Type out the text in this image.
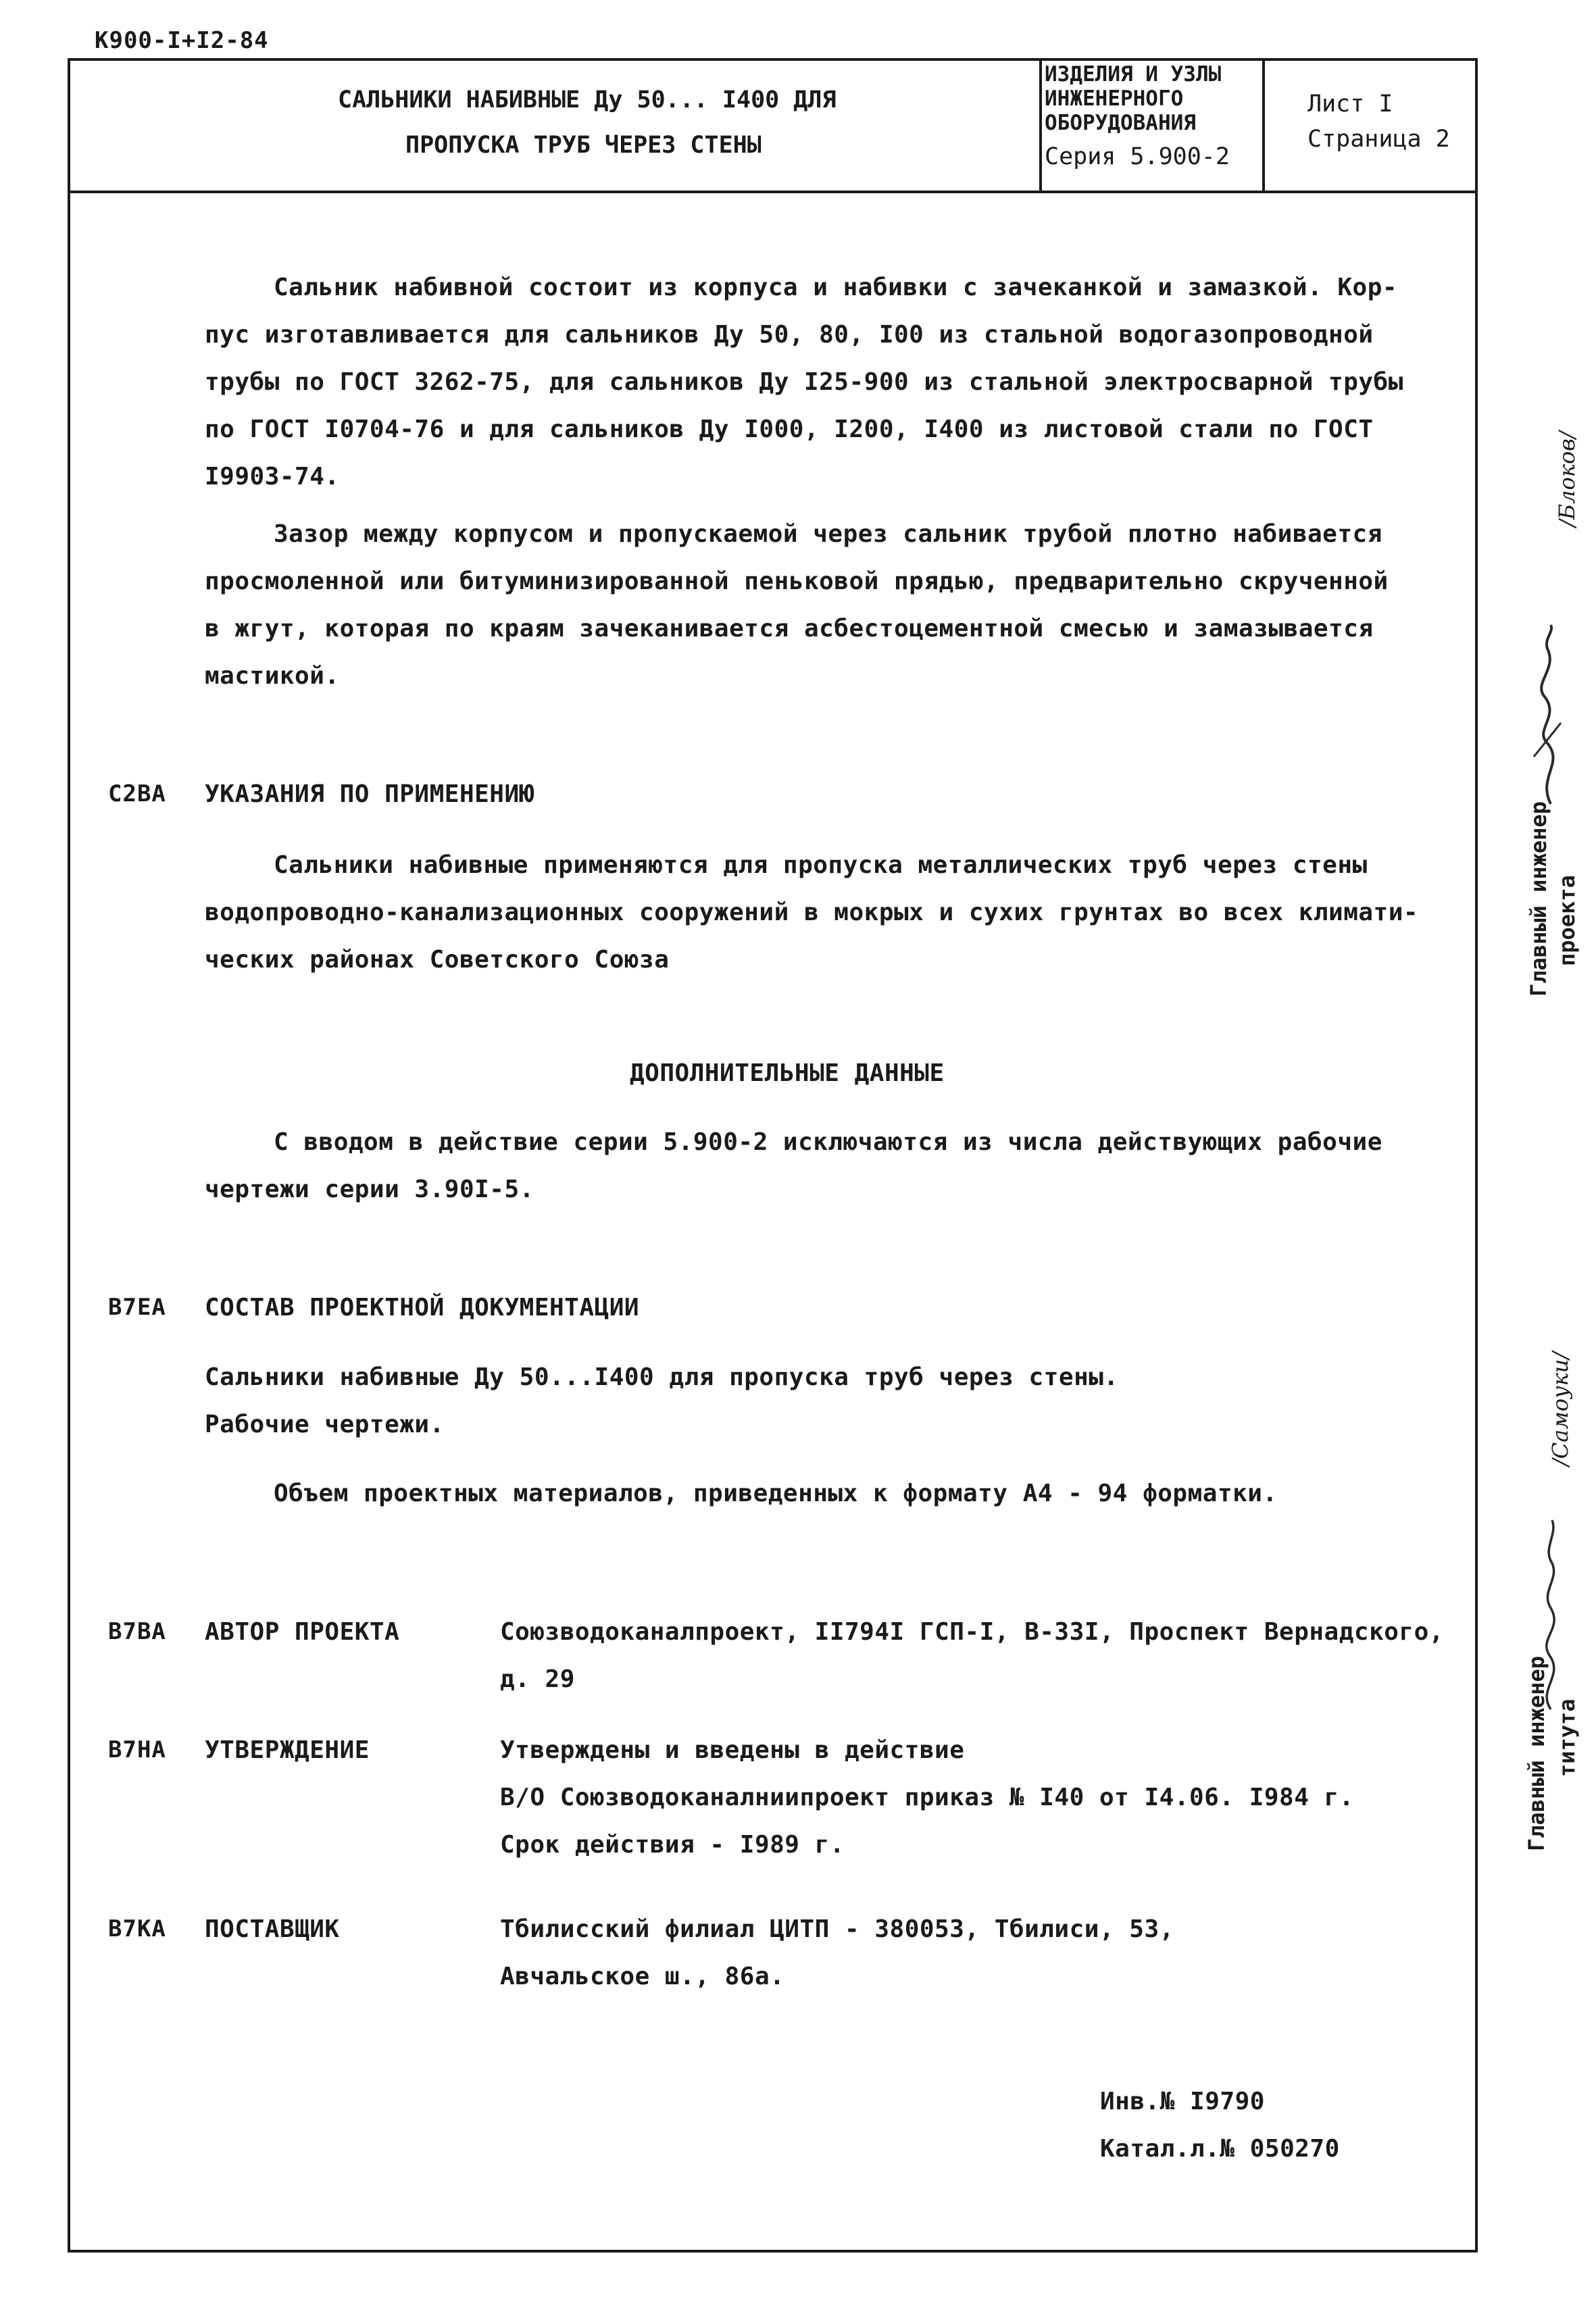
К900-I+I2-84
САЛЬНИКИ НАБИВНЫЕ Ду 50... I400 ДЛЯ
ПРОПУСКА ТРУБ ЧЕРЕЗ СТЕНЫ
ИЗДЕЛИЯ И УЗЛЫ
ИНЖЕНЕРНОГО
ОБОРУДОВАНИЯ
Серия 5.900-2
Лист I
Страница 2
Сальник набивной состоит из корпуса и набивки с зачеканкой и замазкой. Кор-
пус изготавливается для сальников Ду 50, 80, I00 из стальной водогазопроводной
трубы по ГОСТ 3262-75, для сальников Ду I25-900 из стальной электросварной трубы
по ГОСТ I0704-76 и для сальников Ду I000, I200, I400 из листовой стали по ГОСТ
I9903-74.
Зазор между корпусом и пропускаемой через сальник трубой плотно набивается
просмоленной или битуминизированной пеньковой прядью, предварительно скрученной
в жгут, которая по краям зачеканивается асбестоцементной смесью и замазывается
мастикой.
С2ВА УКАЗАНИЯ ПО ПРИМЕНЕНИЮ
Сальники набивные применяются для пропуска металлических труб через стены
водопроводно-канализационных сооружений в мокрых и сухих грунтах во всех климати-
ческих районах Советского Союза
ДОПОЛНИТЕЛЬНЫЕ ДАННЫЕ
С вводом в действие серии 5.900-2 исключаются из числа действующих рабочие
чертежи серии 3.90I-5.
В7ЕА СОСТАВ ПРОЕКТНОЙ ДОКУМЕНТАЦИИ
Сальники набивные Ду 50...I400 для пропуска труб через стены.
Рабочие чертежи.
Объем проектных материалов, приведенных к формату А4 - 94 форматки.
В7ВА АВТОР ПРОЕКТА	Союзводоканалпроект, II794I ГСП-I, В-33I, Проспект Вернадского,
д. 29
В7НА УТВЕРЖДЕНИЕ	Утверждены и введены в действие
В/О Союзводоканалниипроект приказ № I40 от I4.06. I984 г.
Срок действия - I989 г.
В7КА ПОСТАВЩИК	Тбилисский филиал ЦИТП - 380053, Тбилиси, 53,
Авчальское ш., 86а.
Инв.№ I9790
Катал.л.№ 050270
Главный инженер проекта
/Блоков/
Главный инженер титута
/Самоуки/
